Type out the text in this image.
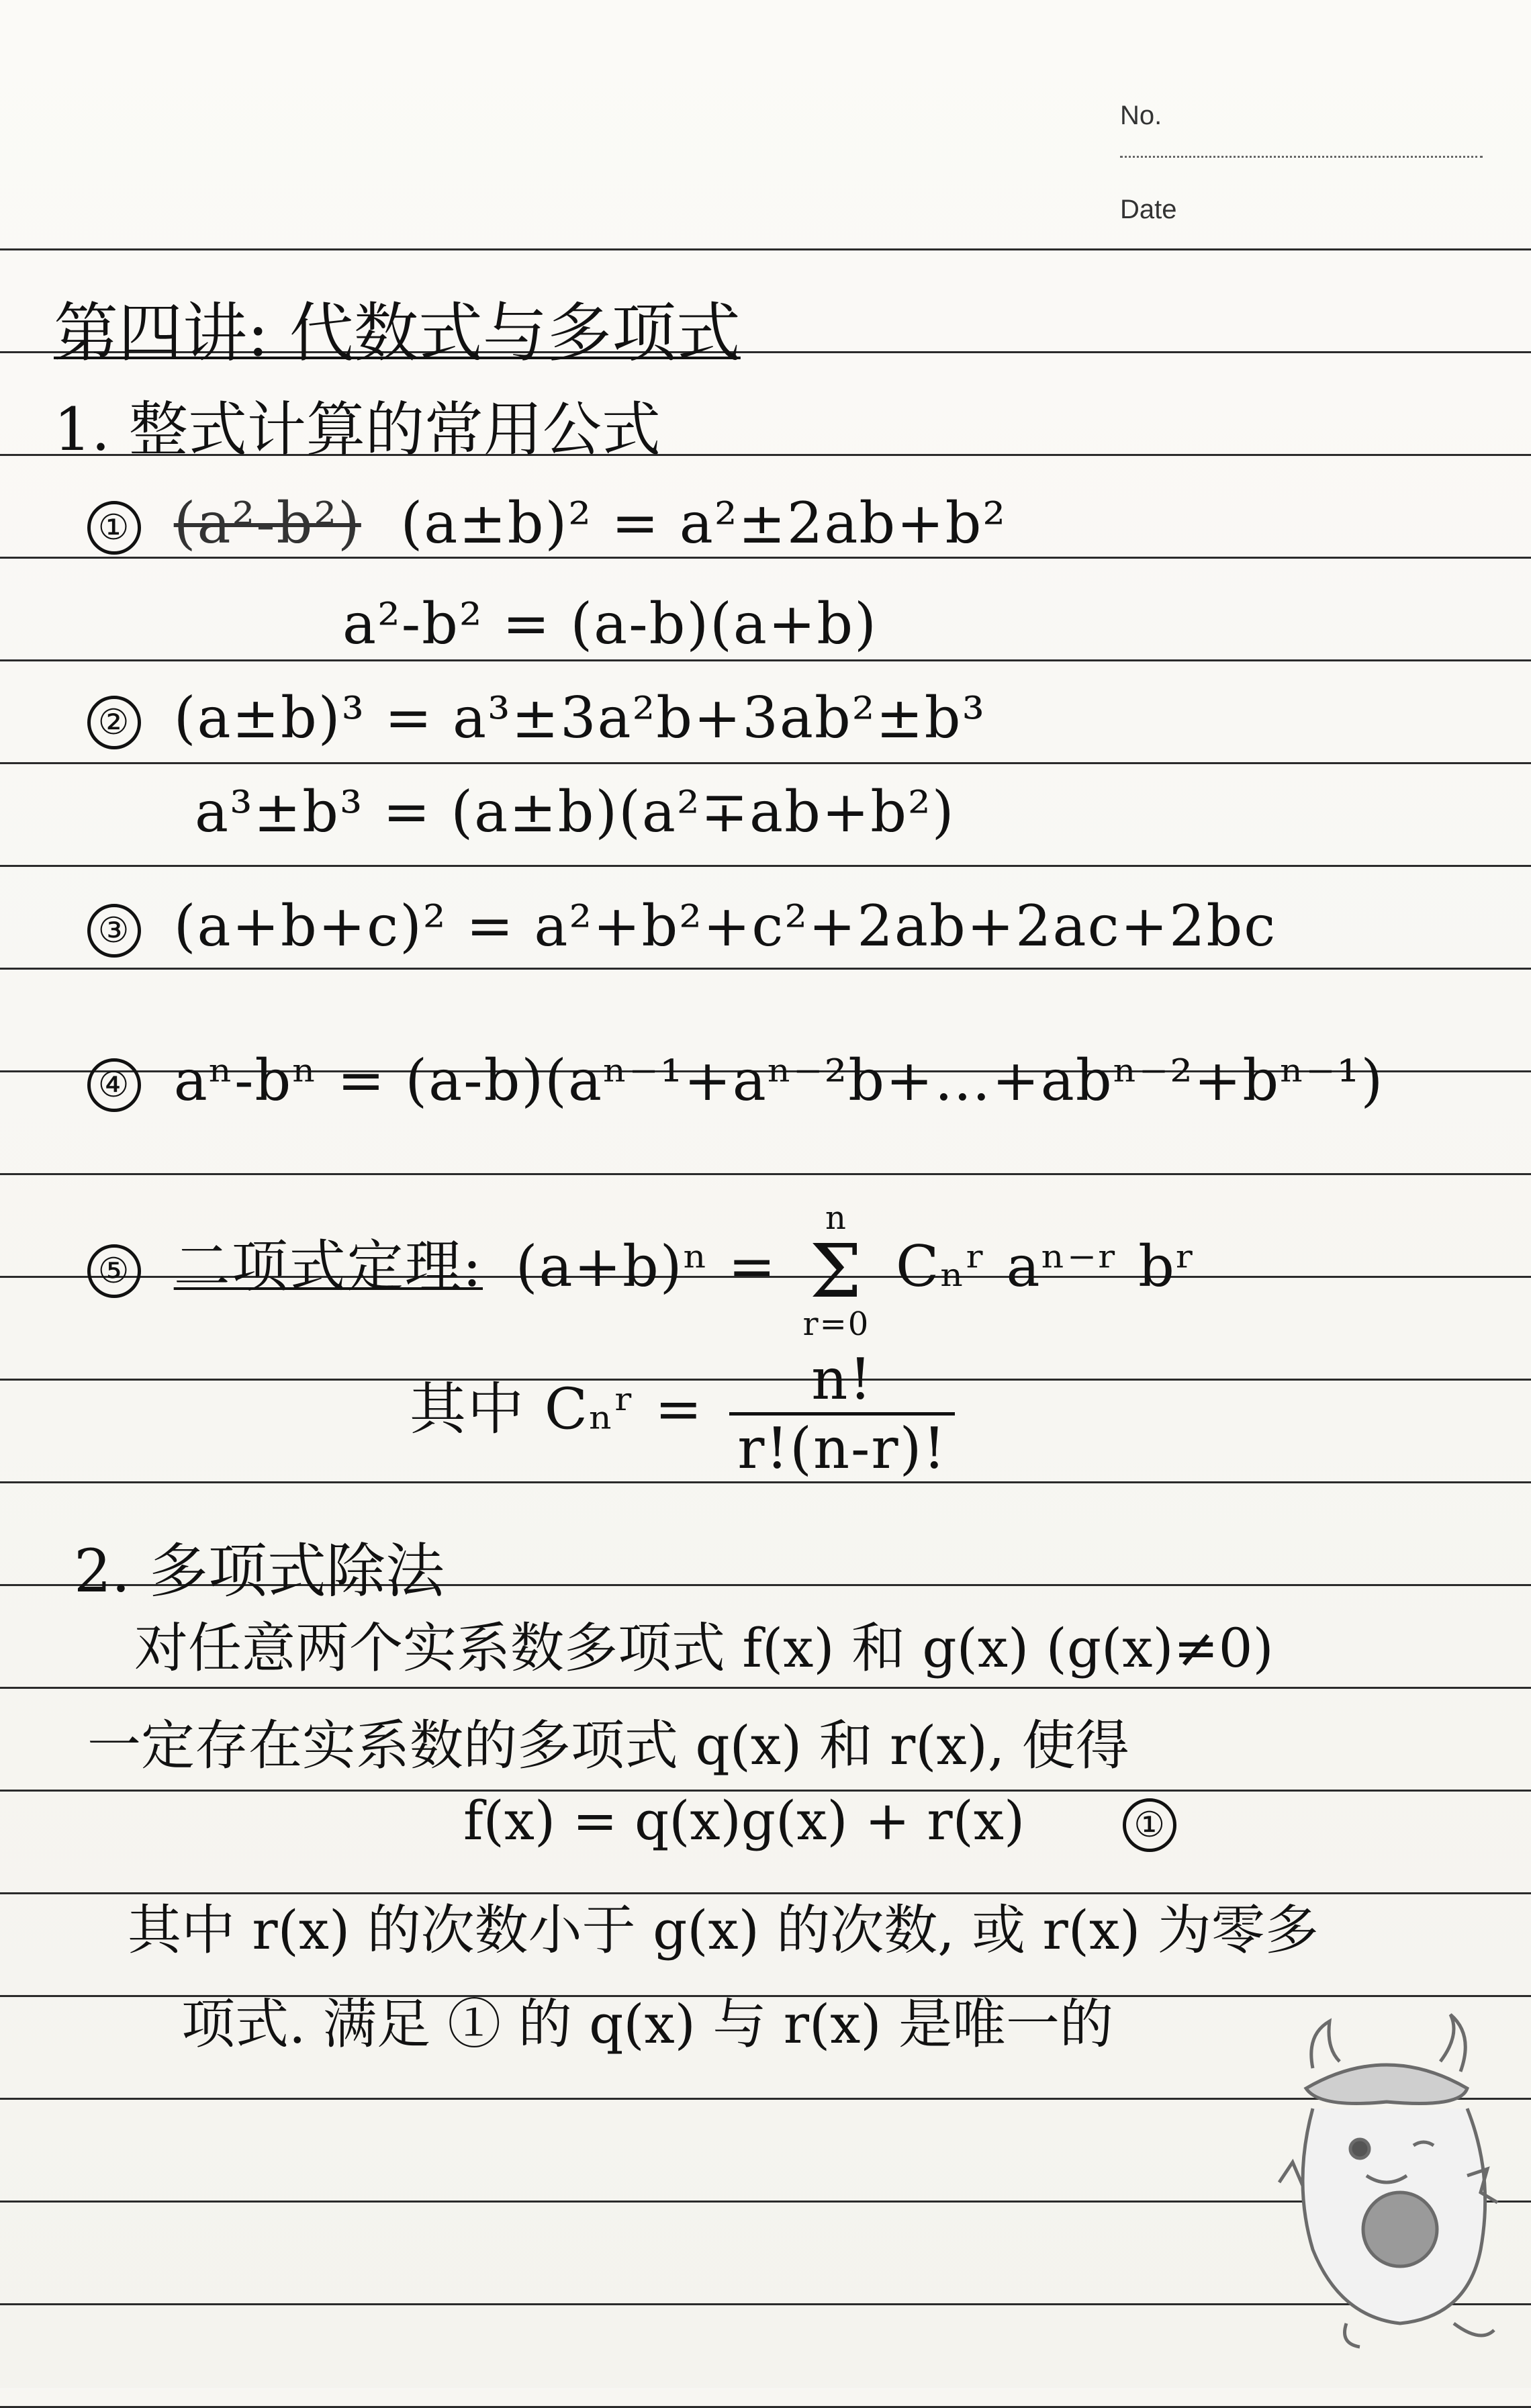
No.
Date
第四讲: 代数式与多项式
1. 整式计算的常用公式
① (a²-b²) (a±b)² = a²±2ab+b²
a²-b² = (a-b)(a+b)
② (a±b)³ = a³±3a²b+3ab²±b³
a³±b³ = (a±b)(a²∓ab+b²)
③ (a+b+c)² = a²+b²+c²+2ab+2ac+2bc
④ aⁿ-bⁿ = (a-b)(aⁿ⁻¹+aⁿ⁻²b+…+abⁿ⁻²+bⁿ⁻¹)
⑤ 二项式定理: (a+b)ⁿ =
n
Σ
r=0
Cₙʳ aⁿ⁻ʳ bʳ
其中 Cₙʳ = $\frac{n!}{r!(n-r)!}$
2. 多项式除法
对任意两个实系数多项式 f(x) 和 g(x) (g(x)≠0)
一定存在实系数的多项式 q(x) 和 r(x), 使得
f(x) = q(x)g(x) + r(x)	①
其中 r(x) 的次数小于 g(x) 的次数, 或 r(x) 为零多
项式. 满足 ① 的 q(x) 与 r(x) 是唯一的
